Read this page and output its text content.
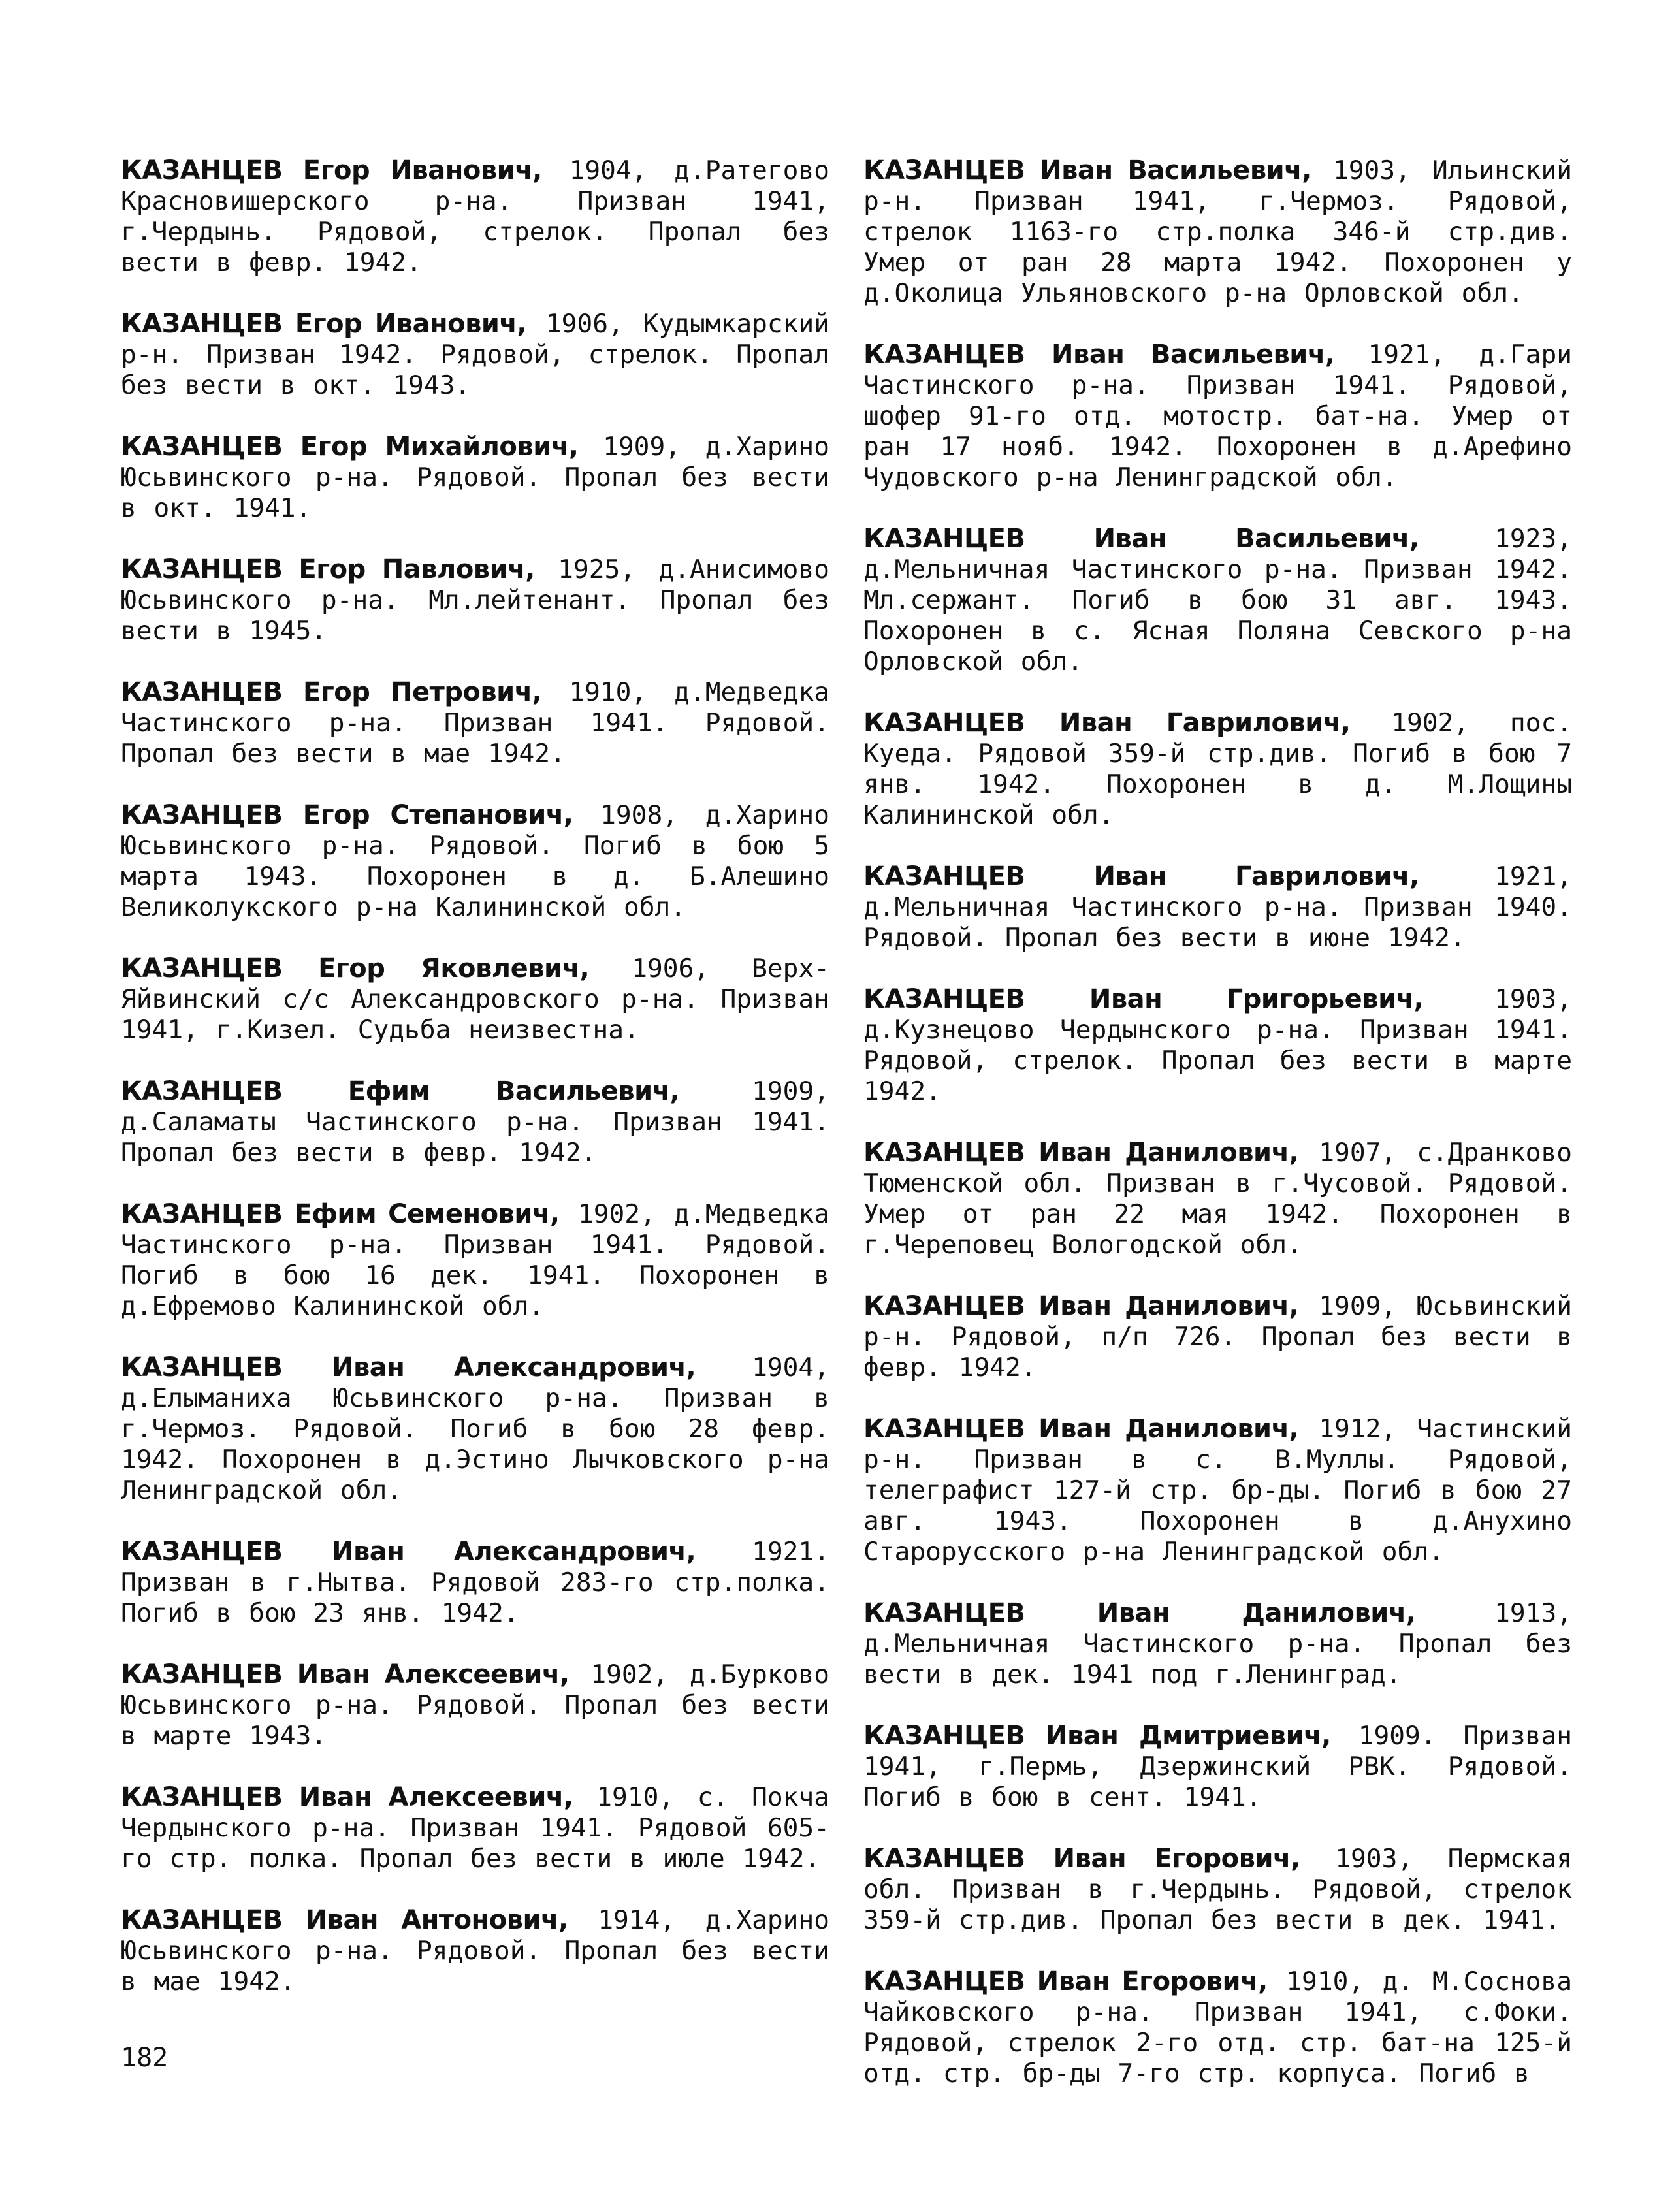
КАЗАНЦЕВ Егор Иванович, 1904, д.Ратегово Красновишерского р-на. Призван 1941, г.Чердынь. Рядовой, стрелок. Пропал без вести в февр. 1942.

КАЗАНЦЕВ Егор Иванович, 1906, Кудымкарский р-н. Призван 1942. Рядовой, стрелок. Пропал без вести в окт. 1943.

КАЗАНЦЕВ Егор Михайлович, 1909, д.Харино Юсьвинского р-на. Рядовой. Пропал без вести в окт. 1941.

КАЗАНЦЕВ Егор Павлович, 1925, д.Анисимово Юсьвинского р-на. Мл.лейтенант. Пропал без вести в 1945.

КАЗАНЦЕВ Егор Петрович, 1910, д.Медведка Частинского р-на. Призван 1941. Рядовой. Пропал без вести в мае 1942.

КАЗАНЦЕВ Егор Степанович, 1908, д.Харино Юсьвинского р-на. Рядовой. Погиб в бою 5 марта 1943. Похоронен в д. Б.Алешино Великолукского р-на Калининской обл.

КАЗАНЦЕВ Егор Яковлевич, 1906, Верх-Яйвинский с/с Александровского р-на. Призван 1941, г.Кизел. Судьба неизвестна.

КАЗАНЦЕВ Ефим Васильевич,	1909, д.Саламаты Частинского р-на. Призван 1941. Пропал без вести в февр. 1942.

КАЗАНЦЕВ Ефим Семенович, 1902, д.Медведка Частинского р-на. Призван 1941. Рядовой. Погиб в бою 16 дек. 1941. Похоронен в д.Ефремово Калининской обл.

КАЗАНЦЕВ Иван Александрович, 1904, д.Елыманиха Юсьвинского р-на. Призван в г.Чермоз. Рядовой. Погиб в бою 28 февр. 1942. Похоронен в д.Эстино Лычковского р-на Ленинградской обл.

КАЗАНЦЕВ Иван Александрович, 1921. Призван в г.Нытва. Рядовой 283-го стр.полка. Погиб в бою 23 янв. 1942.

КАЗАНЦЕВ Иван Алексеевич, 1902, д.Бурково Юсьвинского р-на. Рядовой. Пропал без вести в марте 1943.

КАЗАНЦЕВ Иван Алексеевич, 1910, с. Покча Чердынского р-на. Призван 1941. Рядовой 605-го стр. полка. Пропал без вести в июле 1942.

КАЗАНЦЕВ Иван Антонович, 1914, д.Харино Юсьвинского р-на. Рядовой. Пропал без вести в мае 1942.

КАЗАНЦЕВ Иван Васильевич, 1903, Ильинский р-н. Призван 1941, г.Чермоз. Рядовой, стрелок 1163-го стр.полка 346-й стр.див. Умер от ран 28 марта 1942. Похоронен у д.Околица Ульяновского р-на Орловской обл.

КАЗАНЦЕВ Иван Васильевич, 1921, д.Гари Частинского р-на. Призван 1941. Рядовой, шофер 91-го отд. мотостр. бат-на. Умер от ран 17 нояб. 1942. Похоронен в д.Арефино Чудовского р-на Ленинградской обл.

КАЗАНЦЕВ Иван Васильевич,	1923, д.Мельничная Частинского р-на. Призван 1942. Мл.сержант. Погиб в бою 31 авг. 1943. Похоронен в с. Ясная Поляна Севского р-на Орловской обл.

КАЗАНЦЕВ Иван Гаврилович, 1902, пос. Куеда. Рядовой 359-й стр.див. Погиб в бою 7 янв. 1942. Похоронен в д. М.Лощины Калининской обл.

КАЗАНЦЕВ Иван Гаврилович,	1921, д.Мельничная Частинского р-на. Призван 1940. Рядовой. Пропал без вести в июне 1942.

КАЗАНЦЕВ Иван Григорьевич,	1903, д.Кузнецово Чердынского р-на. Призван 1941. Рядовой, стрелок. Пропал без вести в марте 1942.

КАЗАНЦЕВ Иван Данилович, 1907, с.Дранково Тюменской обл. Призван в г.Чусовой. Рядовой. Умер от ран 22 мая 1942. Похоронен в г.Череповец Вологодской обл.

КАЗАНЦЕВ Иван Данилович, 1909, Юсьвинский р-н. Рядовой, п/п 726. Пропал без вести в февр. 1942.

КАЗАНЦЕВ Иван Данилович, 1912, Частинский р-н. Призван в с. В.Муллы. Рядовой, телеграфист 127-й стр. бр-ды. Погиб в бою 27 авг. 1943. Похоронен в д.Анухино Старорусского р-на Ленинградской обл.

КАЗАНЦЕВ Иван Данилович,	1913, д.Мельничная Частинского р-на. Пропал без вести в дек. 1941 под г.Ленинград.

КАЗАНЦЕВ Иван Дмитриевич, 1909. Призван 1941, г.Пермь, Дзержинский РВК. Рядовой. Погиб в бою в сент. 1941.

КАЗАНЦЕВ Иван Егорович, 1903, Пермская обл. Призван в г.Чердынь. Рядовой, стрелок 359-й стр.див. Пропал без вести в дек. 1941.

КАЗАНЦЕВ Иван Егорович, 1910, д. М.Соснова Чайковского р-на. Призван 1941, с.Фоки. Рядовой, стрелок 2-го отд. стр. бат-на 125-й отд. стр. бр-ды 7-го стр. корпуса. Погиб в

182
